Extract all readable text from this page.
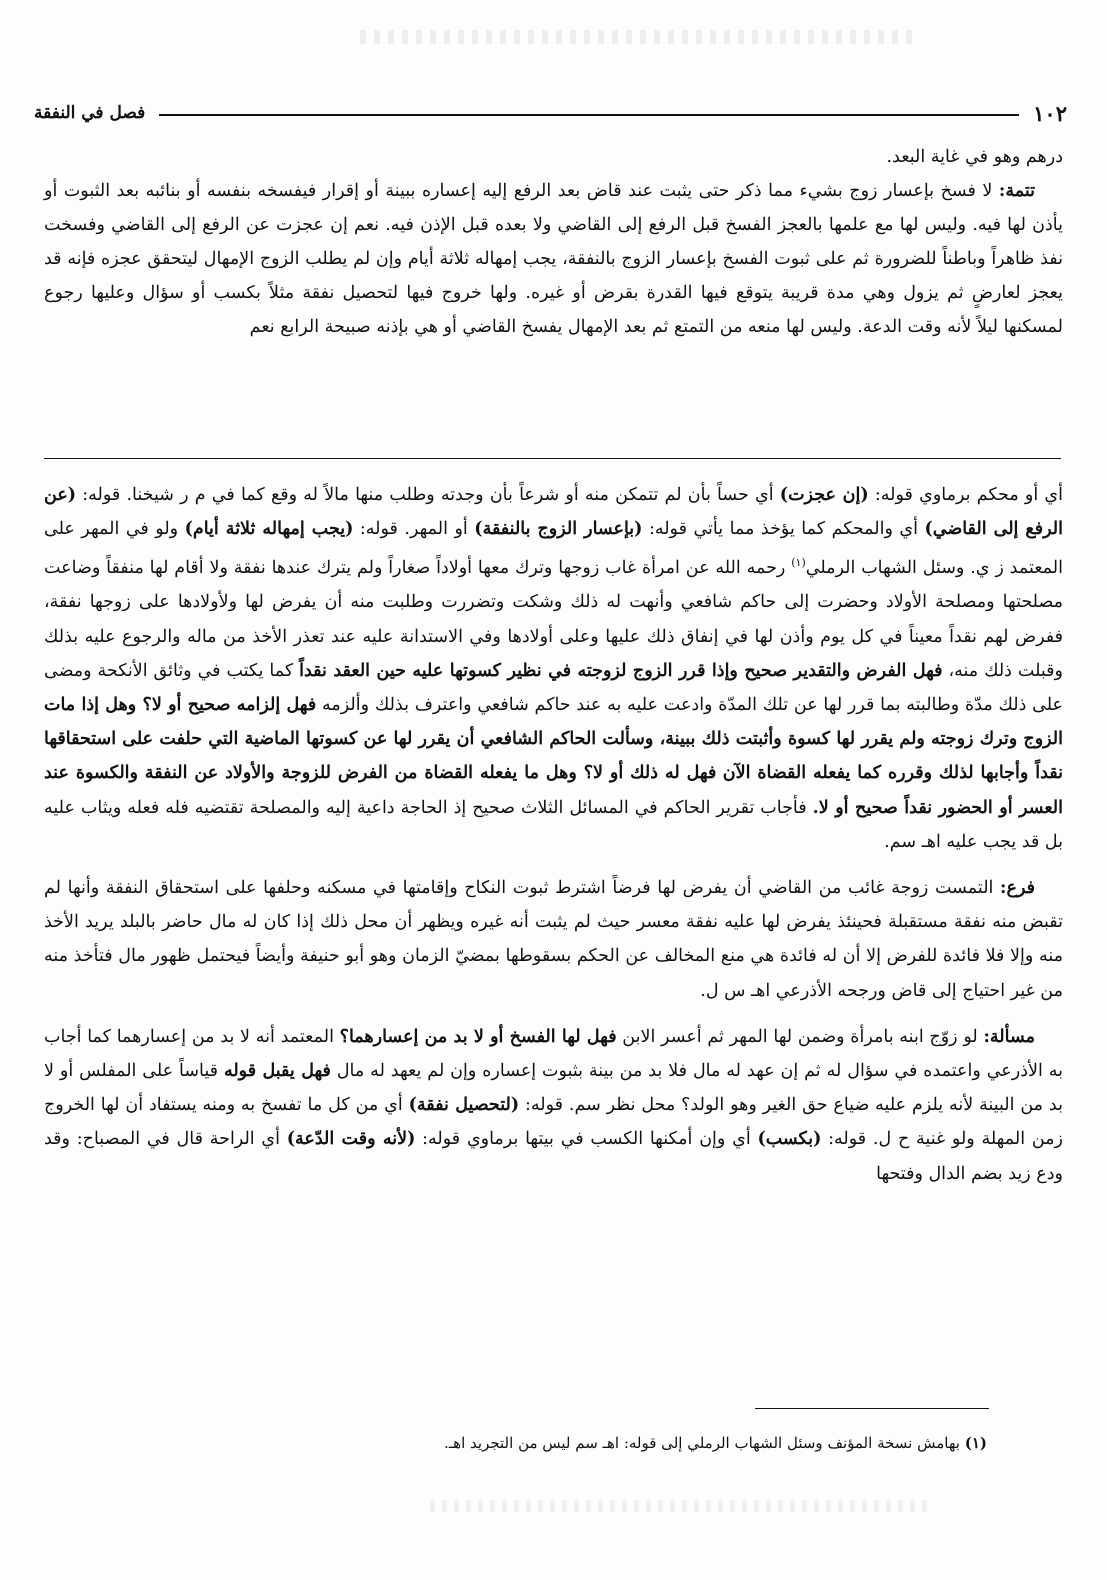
١٠٢
فصل في النفقة

درهم وهو في غاية البعد.

تتمة: لا فسخ بإعسار زوج بشيء مما ذكر حتى يثبت عند قاض بعد الرفع إليه إعساره ببينة أو إقرار فيفسخه بنفسه أو بنائبه بعد الثبوت أو يأذن لها فيه. وليس لها مع علمها بالعجز الفسخ قبل الرفع إلى القاضي ولا بعده قبل الإذن فيه. نعم إن عجزت عن الرفع إلى القاضي وفسخت نفذ ظاهراً وباطناً للضرورة ثم على ثبوت الفسخ بإعسار الزوج بالنفقة، يجب إمهاله ثلاثة أيام وإن لم يطلب الزوج الإمهال ليتحقق عجزه فإنه قد يعجز لعارضٍ ثم يزول وهي مدة قريبة يتوقع فيها القدرة بقرض أو غيره. ولها خروج فيها لتحصيل نفقة مثلاً بكسب أو سؤال وعليها رجوع لمسكنها ليلاً لأنه وقت الدعة. وليس لها منعه من التمتع ثم بعد الإمهال يفسخ القاضي أو هي بإذنه صبيحة الرابع نعم

أي أو محكم برماوي قوله: (إن عجزت) أي حساً بأن لم تتمكن منه أو شرعاً بأن وجدته وطلب منها مالاً له وقع كما في م ر شيخنا. قوله: (عن الرفع إلى القاضي) أي والمحكم كما يؤخذ مما يأتي قوله: (بإعسار الزوج بالنفقة) أو المهر. قوله: (يجب إمهاله ثلاثة أيام) ولو في المهر على المعتمد ز ي. وسئل الشهاب الرملي$^{(١)}$ رحمه الله عن امرأة غاب زوجها وترك معها أولاداً صغاراً ولم يترك عندها نفقة ولا أقام لها منفقاً وضاعت مصلحتها ومصلحة الأولاد وحضرت إلى حاكم شافعي وأنهت له ذلك وشكت وتضررت وطلبت منه أن يفرض لها ولأولادها على زوجها نفقة، ففرض لهم نقداً معيناً في كل يوم وأذن لها في إنفاق ذلك عليها وعلى أولادها وفي الاستدانة عليه عند تعذر الأخذ من ماله والرجوع عليه بذلك وقبلت ذلك منه، فهل الفرض والتقدير صحيح وإذا قرر الزوج لزوجته في نظير كسوتها عليه حين العقد نقداً كما يكتب في وثائق الأنكحة ومضى على ذلك مدّة وطالبته بما قرر لها عن تلك المدّة وادعت عليه به عند حاكم شافعي واعترف بذلك وألزمه فهل إلزامه صحيح أو لا؟ وهل إذا مات الزوج وترك زوجته ولم يقرر لها كسوة وأثبتت ذلك ببينة، وسألت الحاكم الشافعي أن يقرر لها عن كسوتها الماضية التي حلفت على استحقاقها نقداً وأجابها لذلك وقرره كما يفعله القضاة الآن فهل له ذلك أو لا؟ وهل ما يفعله القضاة من الفرض للزوجة والأولاد عن النفقة والكسوة عند العسر أو الحضور نقداً صحيح أو لا. فأجاب تقرير الحاكم في المسائل الثلاث صحيح إذ الحاجة داعية إليه والمصلحة تقتضيه فله فعله ويثاب عليه بل قد يجب عليه اهـ سم.

فرع: التمست زوجة غائب من القاضي أن يفرض لها فرضاً اشترط ثبوت النكاح وإقامتها في مسكنه وحلفها على استحقاق النفقة وأنها لم تقبض منه نفقة مستقبلة فحينئذ يفرض لها عليه نفقة معسر حيث لم يثبت أنه غيره ويظهر أن محل ذلك إذا كان له مال حاضر بالبلد يريد الأخذ منه وإلا فلا فائدة للفرض إلا أن له فائدة هي منع المخالف عن الحكم بسقوطها بمضيّ الزمان وهو أبو حنيفة وأيضاً فيحتمل ظهور مال فتأخذ منه من غير احتياج إلى قاض ورجحه الأذرعي اهـ س ل.

مسألة: لو زوّج ابنه بامرأة وضمن لها المهر ثم أعسر الابن فهل لها الفسخ أو لا بد من إعسارهما؟ المعتمد أنه لا بد من إعسارهما كما أجاب به الأذرعي واعتمده في سؤال له ثم إن عهد له مال فلا بد من بينة بثبوت إعساره وإن لم يعهد له مال فهل يقبل قوله قياساً على المفلس أو لا بد من البينة لأنه يلزم عليه ضياع حق الغير وهو الولد؟ محل نظر سم. قوله: (لتحصيل نفقة) أي من كل ما تفسخ به ومنه يستفاد أن لها الخروج زمن المهلة ولو غنية ح ل. قوله: (بكسب) أي وإن أمكنها الكسب في بيتها برماوي قوله: (لأنه وقت الدّعة) أي الراحة قال في المصباح: وقد ودع زيد بضم الدال وفتحها

(١) بهامش نسخة المؤنف وسئل الشهاب الرملي إلى قوله: اهـ سم ليس من التجريد اهـ.
